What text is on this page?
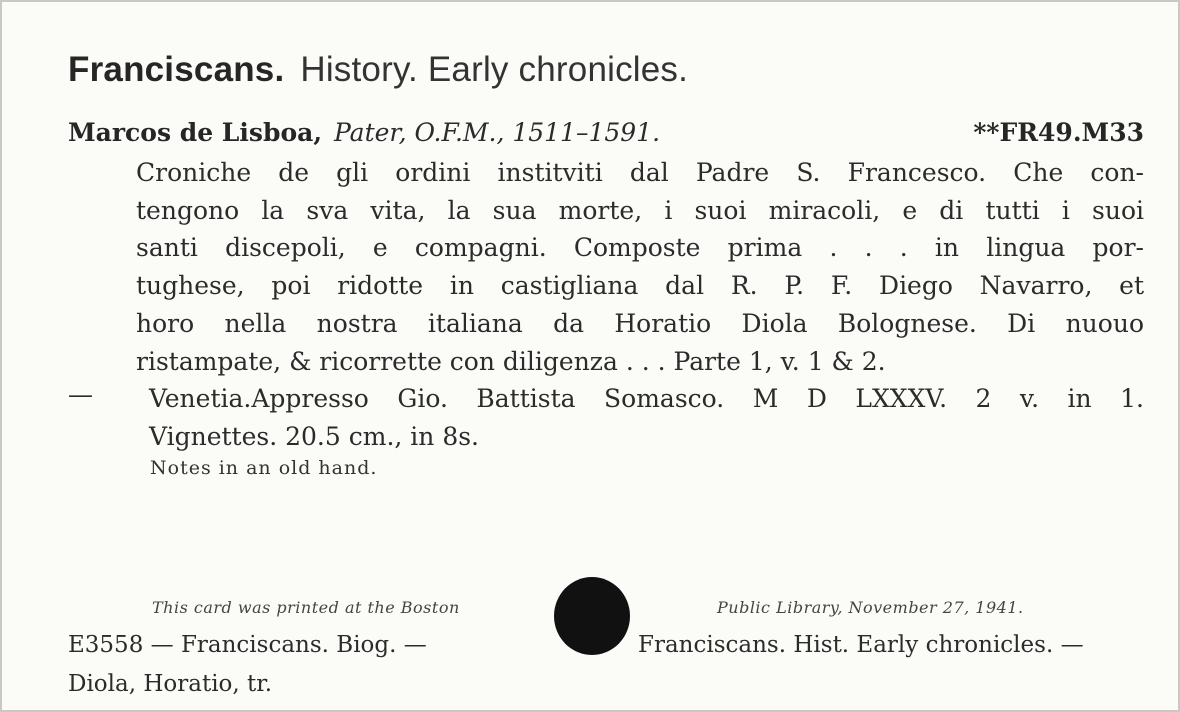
Franciscans. History. Early chronicles.
Marcos de Lisboa, Pater, O.F.M., 1511–1591.	**FR49.M33
Croniche de gli ordini institviti dal Padre S. Francesco. Che con-
tengono la sva vita, la sua morte, i suoi miracoli, e di tutti i suoi
santi discepoli, e compagni. Composte prima . . . in lingua por-
tughese, poi ridotte in castigliana dal R. P. F. Diego Navarro, et
horo nella nostra italiana da Horatio Diola Bolognese. Di nuouo
ristampate, & ricorrette con diligenza . . . Parte 1, v. 1 & 2.
— Venetia.Appresso Gio. Battista Somasco. M D LXXXV. 2 v. in 1.
Vignettes. 20.5 cm., in 8s.
Notes in an old hand.
This card was printed at the Boston	Public Library, November 27, 1941.
E3558 — Franciscans. Biog. —
Diola, Horatio, tr.
Franciscans. Hist. Early chronicles. —
